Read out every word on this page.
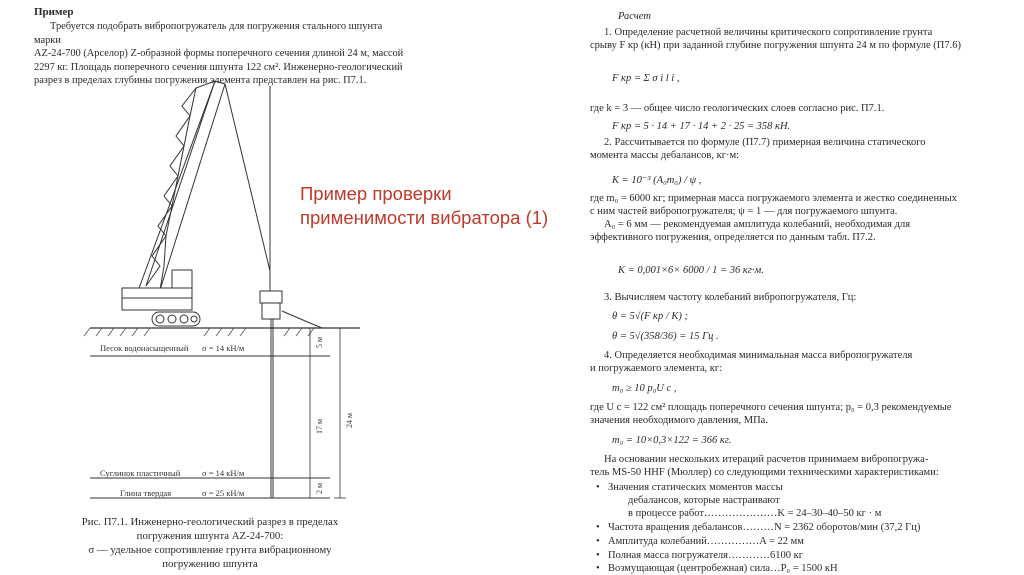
Пример
Требуется подобрать вибропогружатель для погружения стального шпунта марки
AZ-24-700 (Арселор) Z-образной формы поперечного сечения длиной 24 м, массой
2297 кг. Площадь поперечного сечения шпунта 122 см². Инженерно-геологический
разрез в пределах глубины погружения элемента представлен на рис. П7.1.
Песок водонасыщенный σ = 14 кН/м
Суглинок пластичный	σ = 14 кН/м
Глина твердая	σ = 25 кН/м
5 м
17 м
2 м
24 м
Пример проверки
применимости вибратора (1)
Рис. П7.1. Инженерно-геологический разрез в пределах
погружения шпунта AZ-24-700:
σ — удельное сопротивление грунта вибрационному
погружению шпунта
Расчет
1. Определение расчетной величины критического сопротивление грунта
срыву F кр (кН) при заданной глубине погружения шпунта 24 м по формуле (П7.6)
F кр = Σ σ i l i ,
где k = 3 — общее число геологических слоев согласно рис. П7.1.
F кр = 5 · 14 + 17 · 14 + 2 · 25 = 358 кН.
2. Рассчитывается по формуле (П7.7) примерная величина статического
момента массы дебалансов, кг·м:
K = 10⁻³ (A₀m₀) / ψ ,
где m₀ = 6000 кг; примерная масса погружаемого элемента и жестко соединенных
с ним частей вибропогружателя; ψ = 1 — для погружаемого шпунта.
A₀ = 6 мм — рекомендуемая амплитуда колебаний, необходимая для
эффективного погружения, определяется по данным табл. П7.2.
K = 0,001×6× 6000 / 1 = 36 кг·м.
3. Вычисляем частоту колебаний вибропогружателя, Гц:
θ = 5√(F кр / K) ;
θ = 5√(358/36) = 15 Гц .
4. Определяется необходимая минимальная масса вибропогружателя
и погружаемого элемента, кг:
m₀ ≥ 10 p₀U c ,
где U c = 122 см² площадь поперечного сечения шпунта; p₀ = 0,3 рекомендуемые
значения необходимого давления, МПа.
m₀ = 10×0,3×122 = 366 кг.
На основании нескольких итераций расчетов принимаем вибропогружа-
тель MS-50 HHF (Мюллер) со следующими техническими характеристиками:
• Значения статических моментов массы
дебалансов, которые настраивают
в процессе работ…………………K = 24–30–40–50 кг · м
• Частота вращения дебалансов………N = 2362 оборотов/мин (37,2 Гц)
• Амплитуда колебаний……………A = 22 мм
• Полная масса погружателя…………6100 кг
• Возмущающая (центробежная) сила…P₀ = 1500 кН
